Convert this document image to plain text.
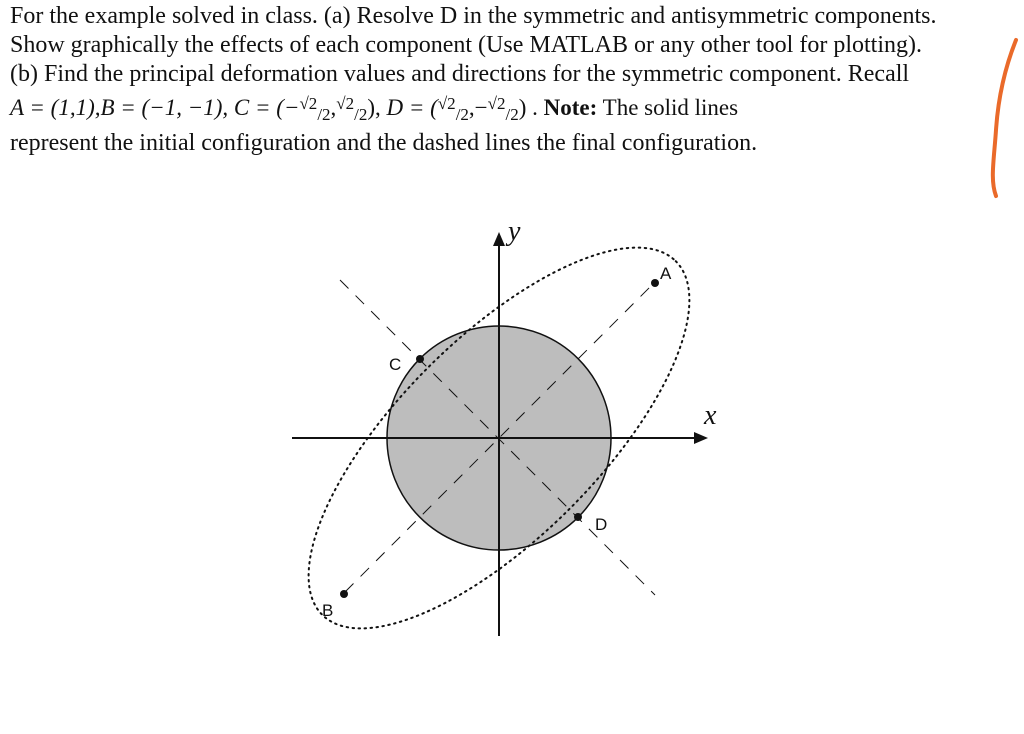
For the example solved in class. (a) Resolve D in the symmetric and antisymmetric components.
Show graphically the effects of each component (Use MATLAB or any other tool for plotting).
(b) Find the principal deformation values and directions for the symmetric component. Recall
A = (1,1),B = (−1, −1), C = (−$^{√2}_{/2}$,$^{√2}_{/2}$), D = ($^{√2}_{/2}$,−$^{√2}_{/2}$) . Note: The solid lines
represent the initial configuration and the dashed lines the final configuration.
x
y
A
B
C
D
